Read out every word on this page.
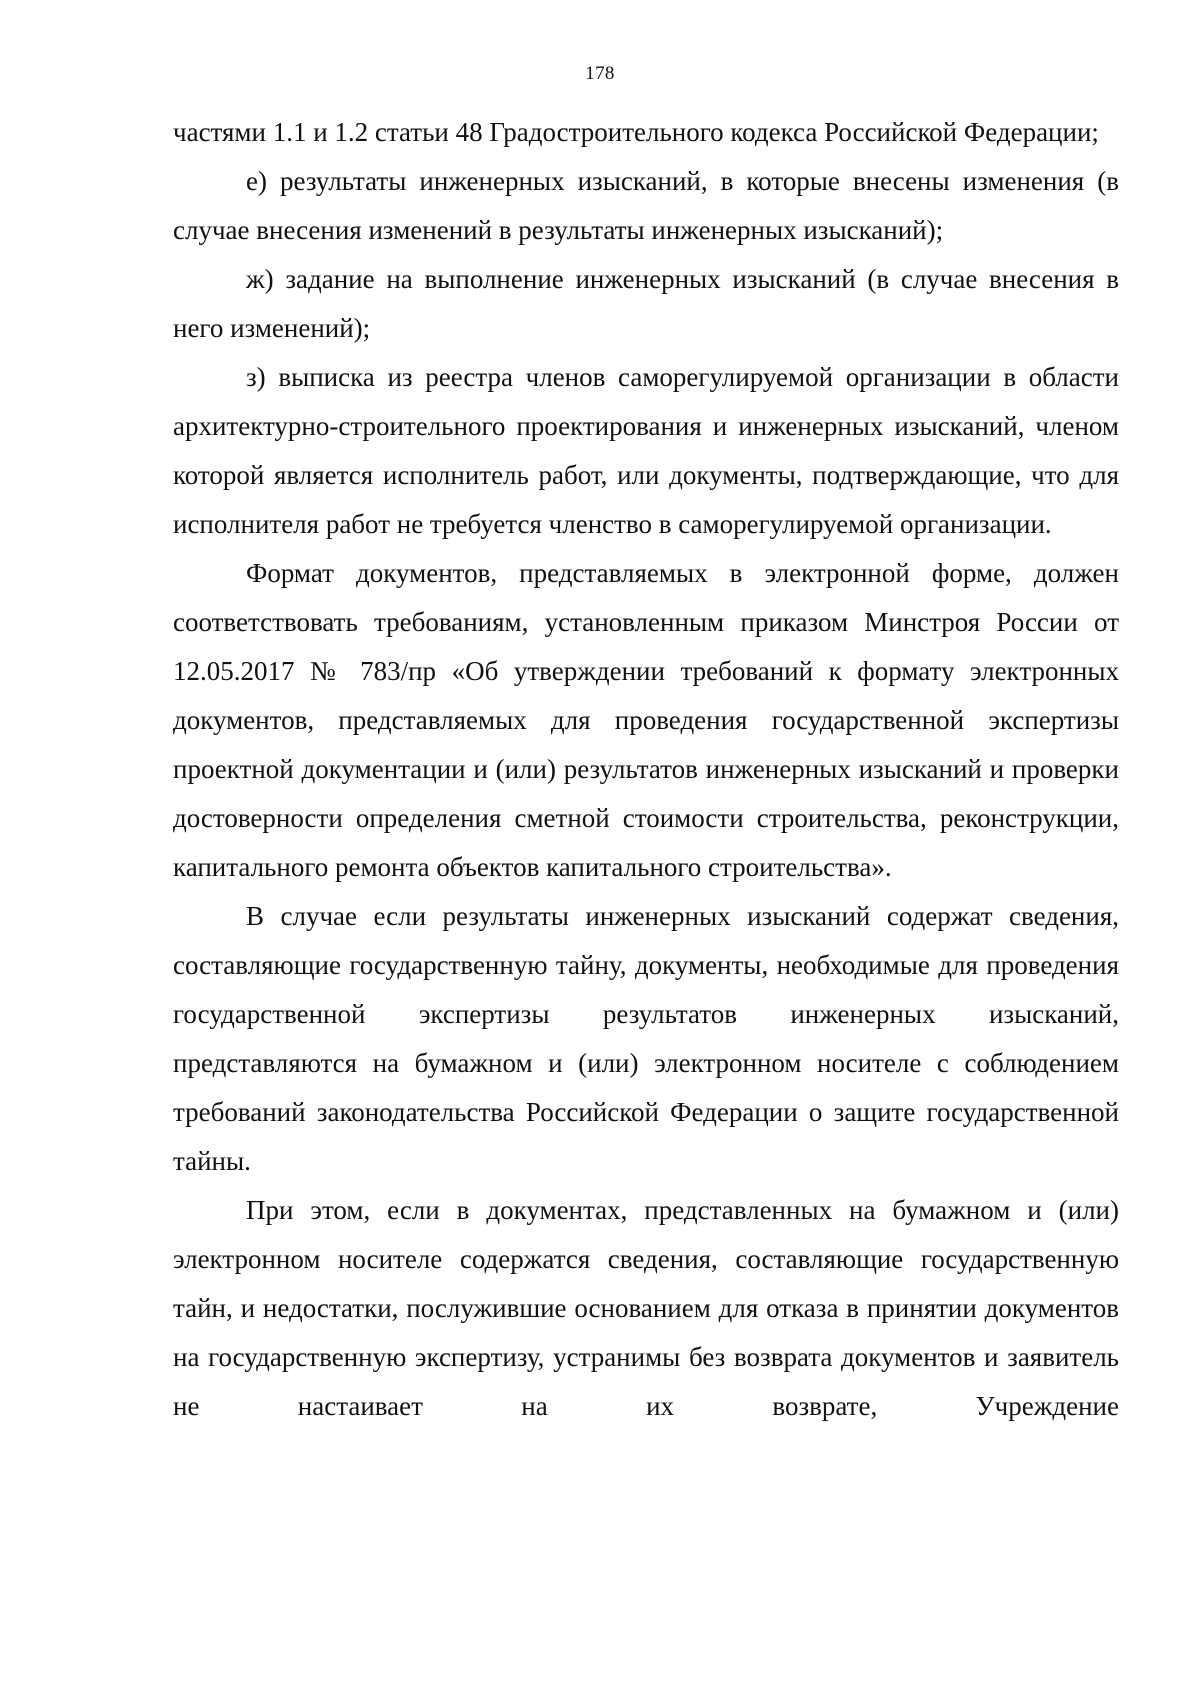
178

частями 1.1 и 1.2 статьи 48 Градостроительного кодекса Российской Федерации;

е) результаты инженерных изысканий, в которые внесены изменения (в случае внесения изменений в результаты инженерных изысканий);

ж) задание на выполнение инженерных изысканий (в случае внесения в него изменений);

з) выписка из реестра членов саморегулируемой организации в области архитектурно-строительного проектирования и инженерных изысканий, членом которой является исполнитель работ, или документы, подтверждающие, что для исполнителя работ не требуется членство в саморегулируемой организации.

Формат документов, представляемых в электронной форме, должен соответствовать требованиям, установленным приказом Минстроя России от 12.05.2017 № 783/пр «Об утверждении требований к формату электронных документов, представляемых для проведения государственной экспертизы проектной документации и (или) результатов инженерных изысканий и проверки достоверности определения сметной стоимости строительства, реконструкции, капитального ремонта объектов капитального строительства».

В случае если результаты инженерных изысканий содержат сведения, составляющие государственную тайну, документы, необходимые для проведения государственной экспертизы результатов инженерных изысканий, представляются на бумажном и (или) электронном носителе с соблюдением требований законодательства Российской Федерации о защите государственной тайны.

При этом, если в документах, представленных на бумажном и (или) электронном носителе содержатся сведения, составляющие государственную тайн, и недостатки, послужившие основанием для отказа в принятии документов на государственную экспертизу, устранимы без возврата документов и заявитель не настаивает на их возврате, Учреждение
